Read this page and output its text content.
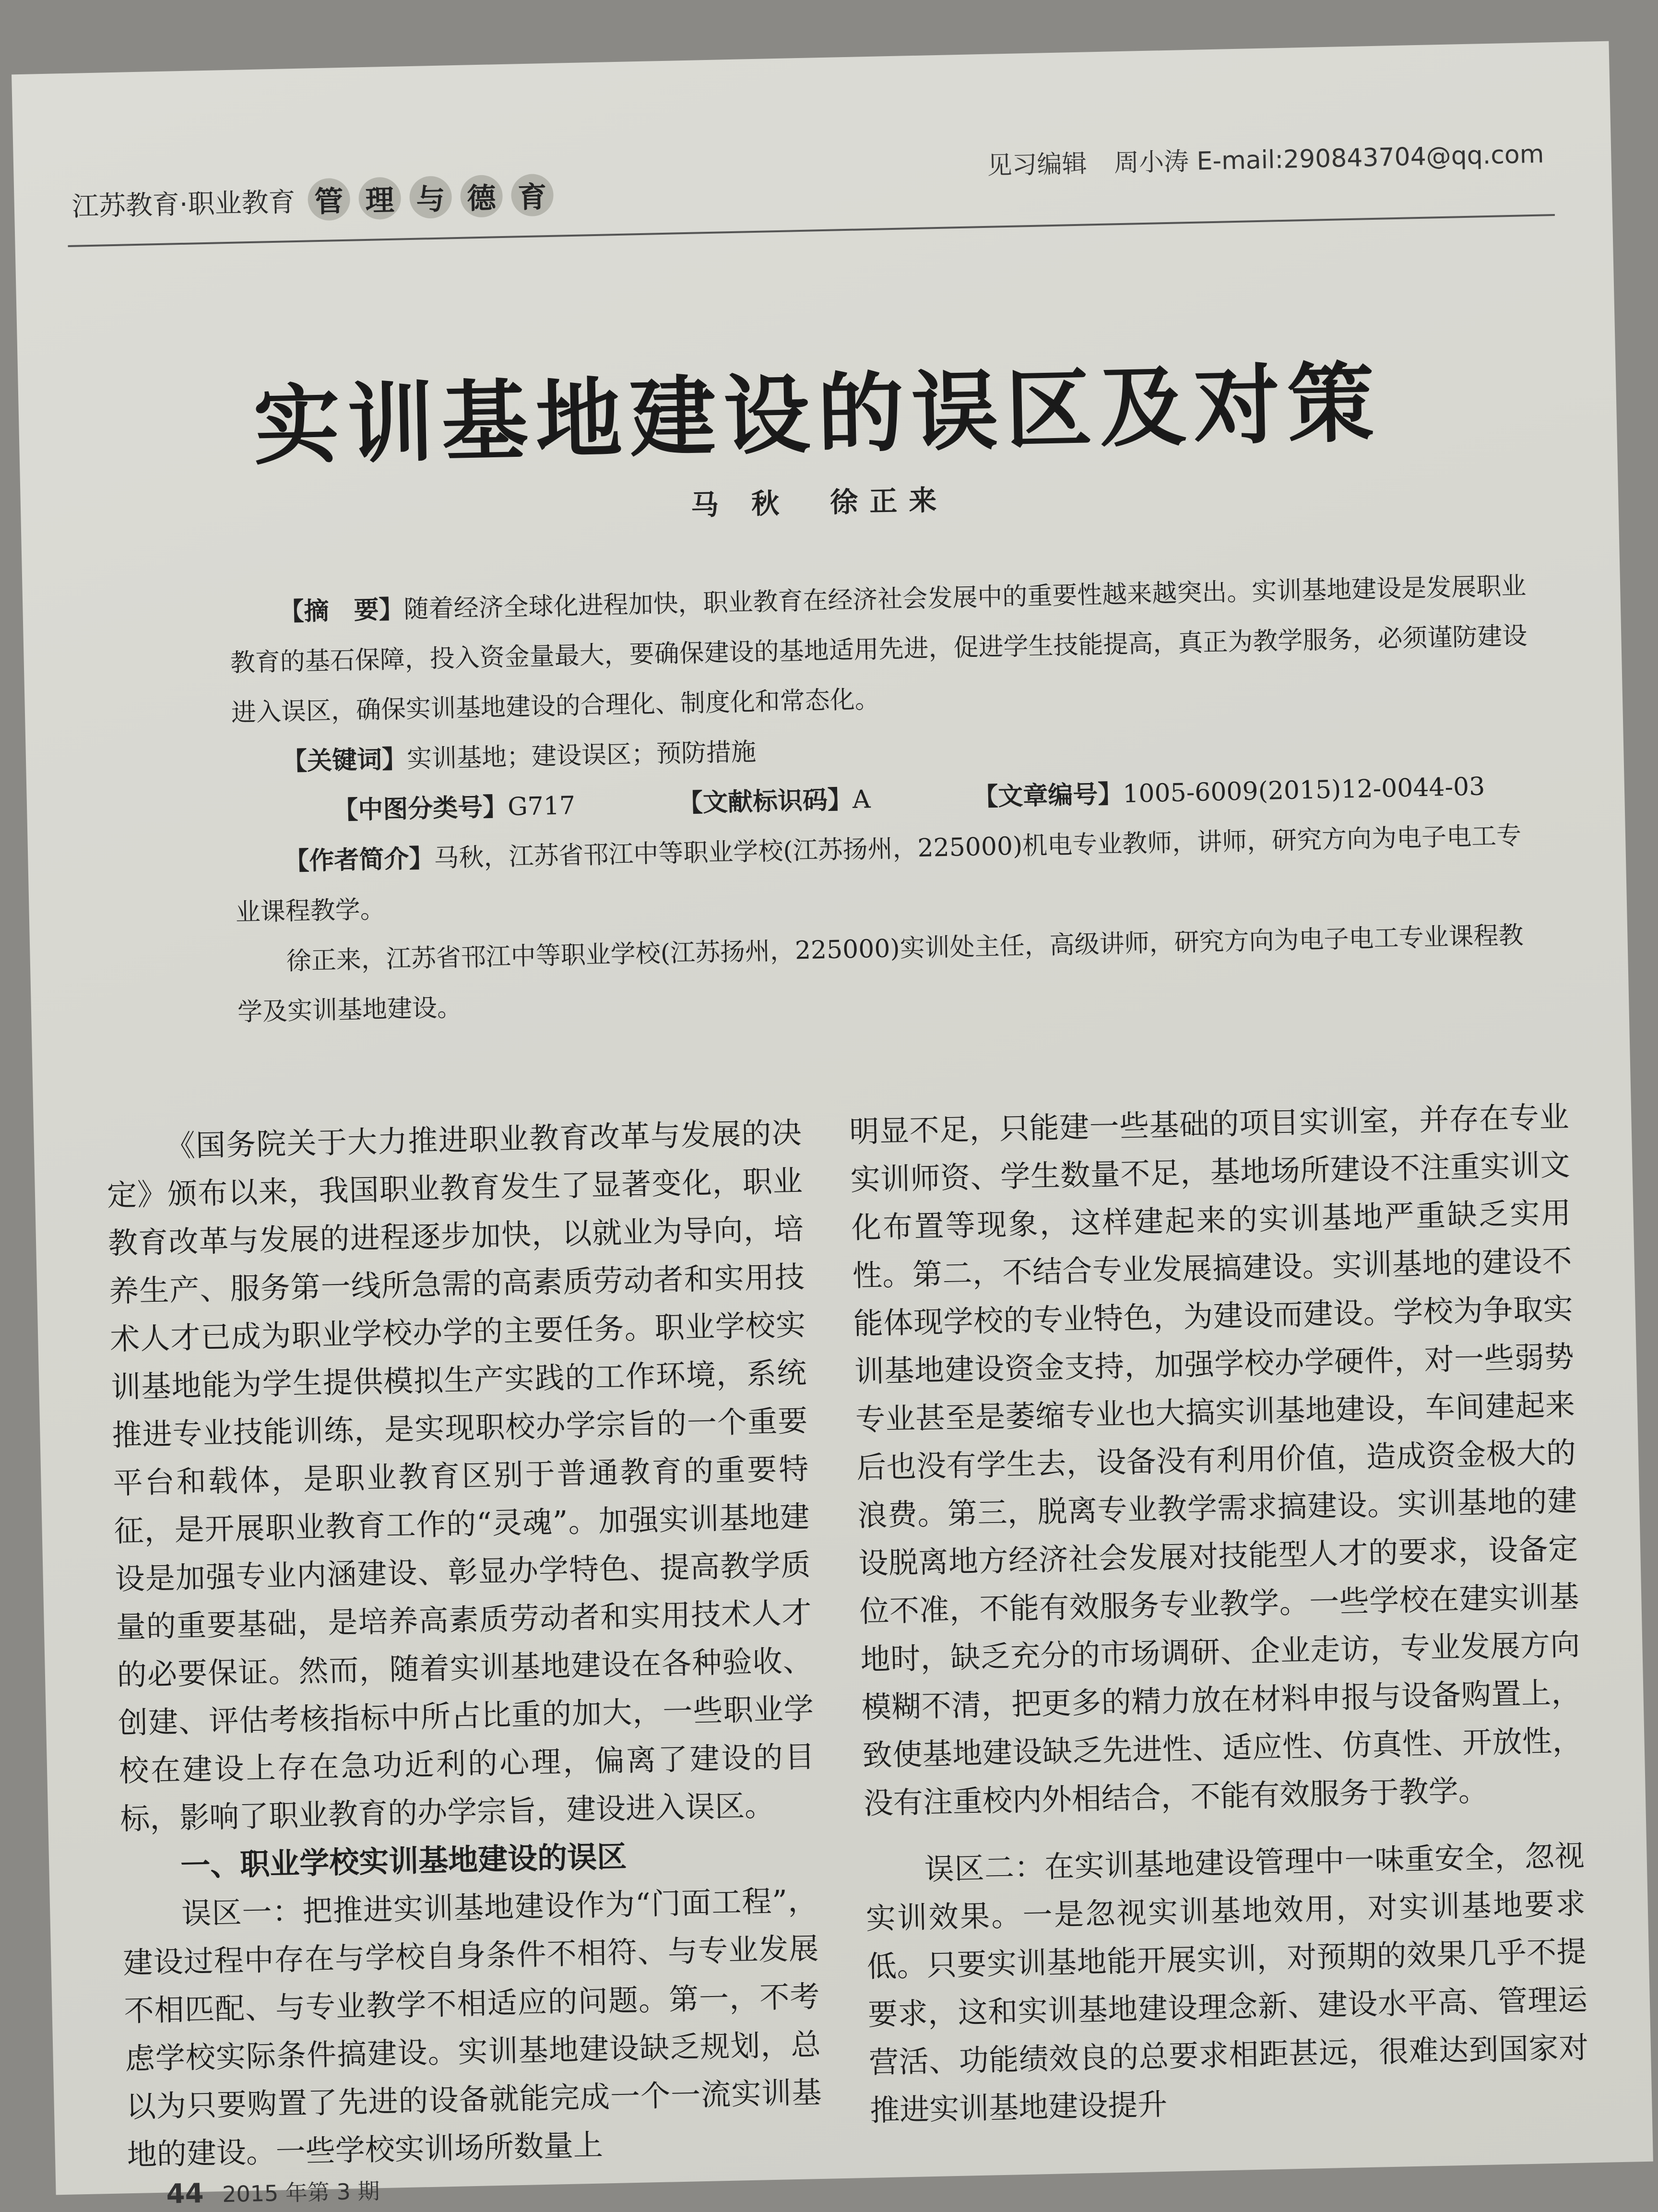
江苏教育·职业教育 管 理 与 德 育
见习编辑 周小涛 E-mail:290843704@qq.com
实训基地建设的误区及对策
马 秋　徐正来

【摘　要】随着经济全球化进程加快，职业教育在经济社会发展中的重要性越来越突出。实训基地建设是发展职业教育的基石保障，投入资金量最大，要确保建设的基地适用先进，促进学生技能提高，真正为教学服务，必须谨防建设进入误区，确保实训基地建设的合理化、制度化和常态化。

【关键词】实训基地；建设误区；预防措施

【中图分类号】G717	【文献标识码】A	【文章编号】1005-6009(2015)12-0044-03

【作者简介】马秋，江苏省邗江中等职业学校(江苏扬州，225000)机电专业教师，讲师，研究方向为电子电工专业课程教学。

徐正来，江苏省邗江中等职业学校(江苏扬州，225000)实训处主任，高级讲师，研究方向为电子电工专业课程教学及实训基地建设。

《国务院关于大力推进职业教育改革与发展的决定》颁布以来，我国职业教育发生了显著变化，职业教育改革与发展的进程逐步加快，以就业为导向，培养生产、服务第一线所急需的高素质劳动者和实用技术人才已成为职业学校办学的主要任务。职业学校实训基地能为学生提供模拟生产实践的工作环境，系统推进专业技能训练，是实现职校办学宗旨的一个重要平台和载体，是职业教育区别于普通教育的重要特征，是开展职业教育工作的“灵魂”。加强实训基地建设是加强专业内涵建设、彰显办学特色、提高教学质量的重要基础，是培养高素质劳动者和实用技术人才的必要保证。然而，随着实训基地建设在各种验收、创建、评估考核指标中所占比重的加大，一些职业学校在建设上存在急功近利的心理，偏离了建设的目标，影响了职业教育的办学宗旨，建设进入误区。

一、职业学校实训基地建设的误区

误区一：把推进实训基地建设作为“门面工程”，建设过程中存在与学校自身条件不相符、与专业发展不相匹配、与专业教学不相适应的问题。第一，不考虑学校实际条件搞建设。实训基地建设缺乏规划，总以为只要购置了先进的设备就能完成一个一流实训基地的建设。一些学校实训场所数量上

明显不足，只能建一些基础的项目实训室，并存在专业实训师资、学生数量不足，基地场所建设不注重实训文化布置等现象，这样建起来的实训基地严重缺乏实用性。第二，不结合专业发展搞建设。实训基地的建设不能体现学校的专业特色，为建设而建设。学校为争取实训基地建设资金支持，加强学校办学硬件，对一些弱势专业甚至是萎缩专业也大搞实训基地建设，车间建起来后也没有学生去，设备没有利用价值，造成资金极大的浪费。第三，脱离专业教学需求搞建设。实训基地的建设脱离地方经济社会发展对技能型人才的要求，设备定位不准，不能有效服务专业教学。一些学校在建实训基地时，缺乏充分的市场调研、企业走访，专业发展方向模糊不清，把更多的精力放在材料申报与设备购置上，致使基地建设缺乏先进性、适应性、仿真性、开放性，没有注重校内外相结合，不能有效服务于教学。

误区二：在实训基地建设管理中一味重安全，忽视实训效果。一是忽视实训基地效用，对实训基地要求低。只要实训基地能开展实训，对预期的效果几乎不提要求，这和实训基地建设理念新、建设水平高、管理运营活、功能绩效良的总要求相距甚远，很难达到国家对推进实训基地建设提升

44 2015 年第 3 期
